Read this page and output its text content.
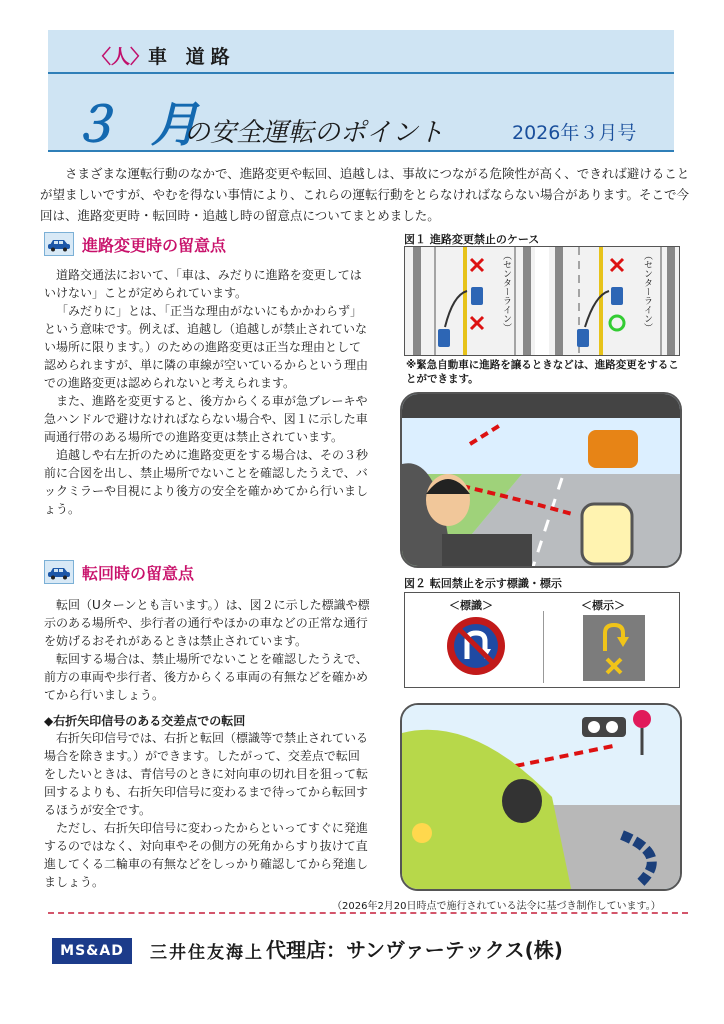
〈人〉
車 道路
３ 月
の安全運転のポイント	2026年３月号

さまざまな運転行動のなかで、進路変更や転回、追越しは、事故につながる危険性が高く、できれば避けることが望ましいですが、やむを得ない事情により、これらの運転行動をとらなければならない場合があります。そこで今回は、進路変更時・転回時・追越し時の留意点についてまとめました。

進路変更時の留意点

道路交通法において、「車は、みだりに進路を変更してはいけない」ことが定められています。

「みだりに」とは、「正当な理由がないにもかかわらず」という意味です。例えば、追越し（追越しが禁止されていない場所に限ります。）のための進路変更は正当な理由として認められますが、単に隣の車線が空いているからという理由での進路変更は認められないと考えられます。

また、進路を変更すると、後方からくる車が急ブレーキや急ハンドルで避けなければならない場合や、図１に示した車両通行帯のある場所での進路変更は禁止されています。

追越しや右左折のために進路変更をする場合は、その３秒前に合図を出し、禁止場所でないことを確認したうえで、バックミラーや目視により後方の安全を確かめてから行いましょう。

転回時の留意点

転回（Uターンとも言います。）は、図２に示した標識や標示のある場所や、歩行者の通行やほかの車などの正常な通行を妨げるおそれがあるときは禁止されています。

転回する場合は、禁止場所でないことを確認したうえで、前方の車両や歩行者、後方からくる車両の有無などを確かめてから行いましょう。

◆右折矢印信号のある交差点での転回

右折矢印信号では、右折と転回（標識等で禁止されている場合を除きます。）ができます。したがって、交差点で転回をしたいときは、青信号のときに対向車の切れ目を狙って転回するよりも、右折矢印信号に変わるまで待ってから転回するほうが安全です。

ただし、右折矢印信号に変わったからといってすぐに発進するのではなく、対向車やその側方の死角からすり抜けて直進してくる二輪車の有無などをしっかり確認してから発進しましょう。

図１ 進路変更禁止のケース
（センターライン）	（センターライン）
※緊急自動車に進路を譲るときなどは、進路変更をすることができます。
図２ 転回禁止を示す標識・標示
＜標識＞	＜標示＞
（2026年2月20日時点で施行されている法令に基づき制作しています。）
MS&AD	三井住友海上 代理店：サンヴァーテックス(株)
